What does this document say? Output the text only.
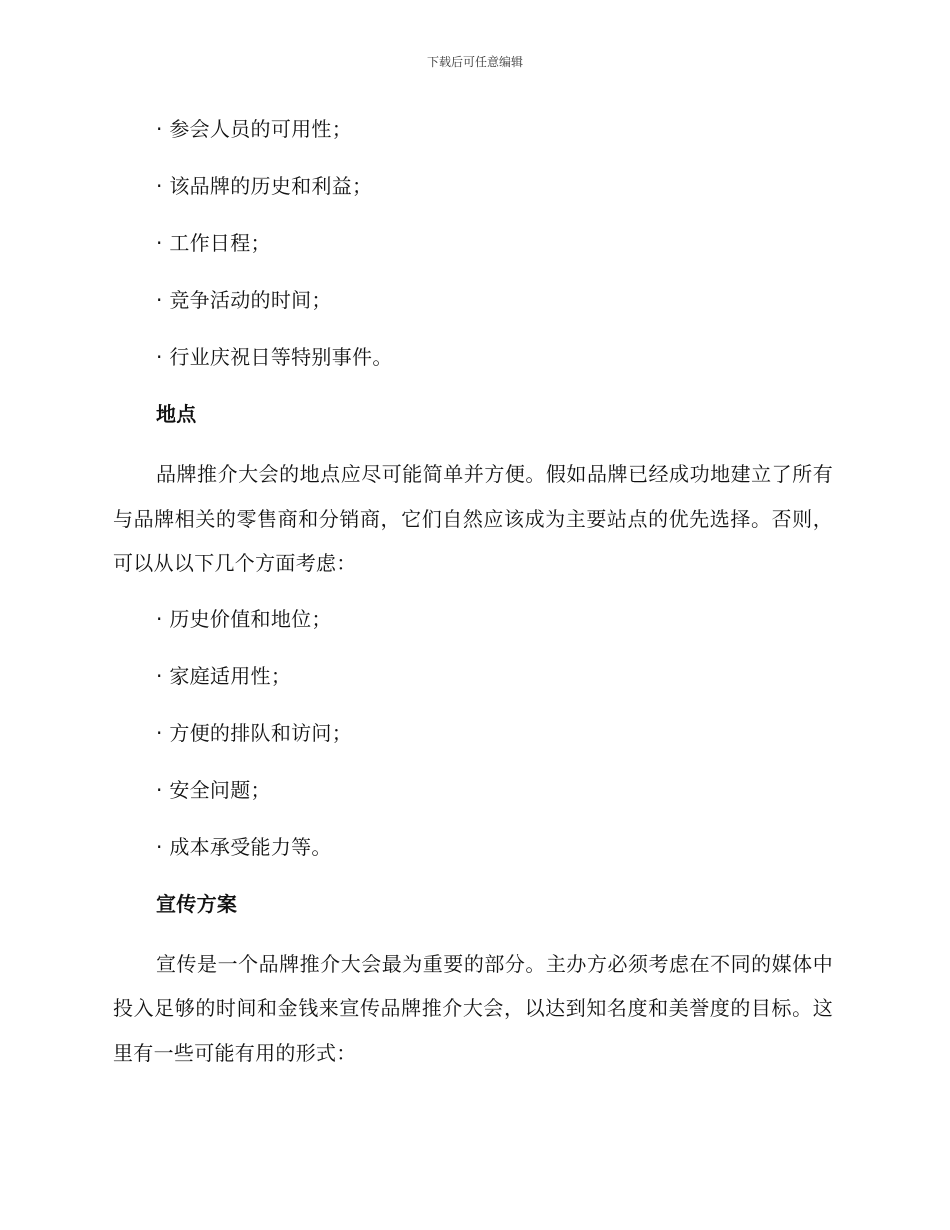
下载后可任意编辑
· 参会人员的可用性；
· 该品牌的历史和利益；
· 工作日程；
· 竞争活动的时间；
· 行业庆祝日等特别事件。
地点
品牌推介大会的地点应尽可能简单并方便。假如品牌已经成功地建立了所有与品牌相关的零售商和分销商，它们自然应该成为主要站点的优先选择。否则，可以从以下几个方面考虑：
· 历史价值和地位；
· 家庭适用性；
· 方便的排队和访问；
· 安全问题；
· 成本承受能力等。
宣传方案
宣传是一个品牌推介大会最为重要的部分。主办方必须考虑在不同的媒体中投入足够的时间和金钱来宣传品牌推介大会，以达到知名度和美誉度的目标。这里有一些可能有用的形式：
